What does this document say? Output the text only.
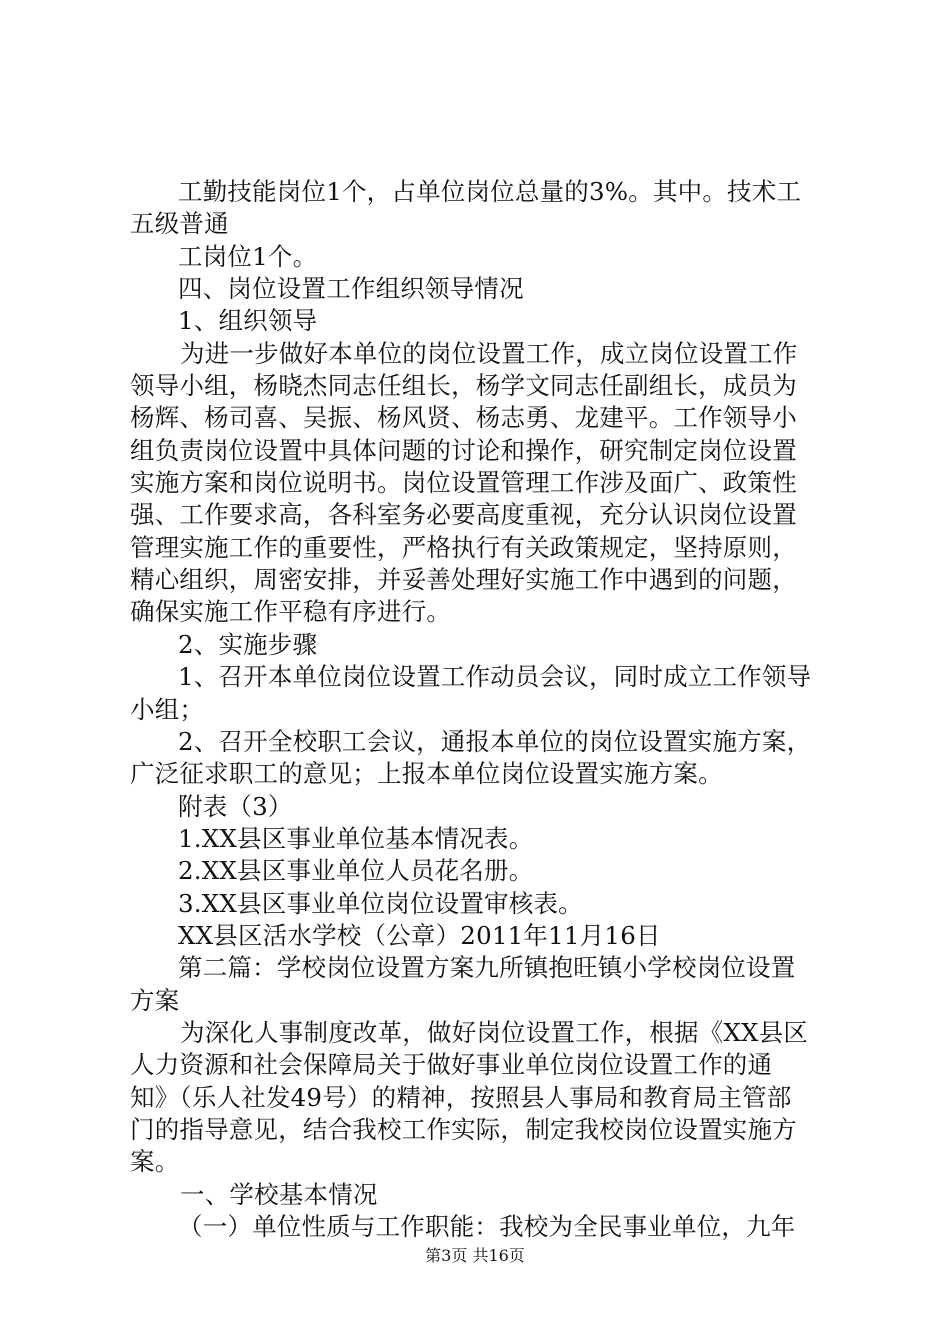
工勤技能岗位1个，占单位岗位总量的3%。其中。技术工
五级普通
工岗位1个。
四、岗位设置工作组织领导情况
1、组织领导
为进一步做好本单位的岗位设置工作，成立岗位设置工作
领导小组，杨晓杰同志任组长，杨学文同志任副组长，成员为
杨辉、杨司喜、吴振、杨风贤、杨志勇、龙建平。工作领导小
组负责岗位设置中具体问题的讨论和操作，研究制定岗位设置
实施方案和岗位说明书。岗位设置管理工作涉及面广、政策性
强、工作要求高，各科室务必要高度重视，充分认识岗位设置
管理实施工作的重要性，严格执行有关政策规定，坚持原则，
精心组织，周密安排，并妥善处理好实施工作中遇到的问题，
确保实施工作平稳有序进行。
2、实施步骤
1、召开本单位岗位设置工作动员会议，同时成立工作领导
小组；
2、召开全校职工会议，通报本单位的岗位设置实施方案，
广泛征求职工的意见；上报本单位岗位设置实施方案。
附表（3）
1.XX县区事业单位基本情况表。
2.XX县区事业单位人员花名册。
3.XX县区事业单位岗位设置审核表。
XX县区活水学校（公章）2011年11月16日
第二篇：学校岗位设置方案九所镇抱旺镇小学校岗位设置
方案
为深化人事制度改革，做好岗位设置工作，根据《XX县区
人力资源和社会保障局关于做好事业单位岗位设置工作的通
知》（乐人社发49号）的精神，按照县人事局和教育局主管部
门的指导意见，结合我校工作实际，制定我校岗位设置实施方
案。
一、学校基本情况
（一）单位性质与工作职能：我校为全民事业单位，九年
第3页 共16页
